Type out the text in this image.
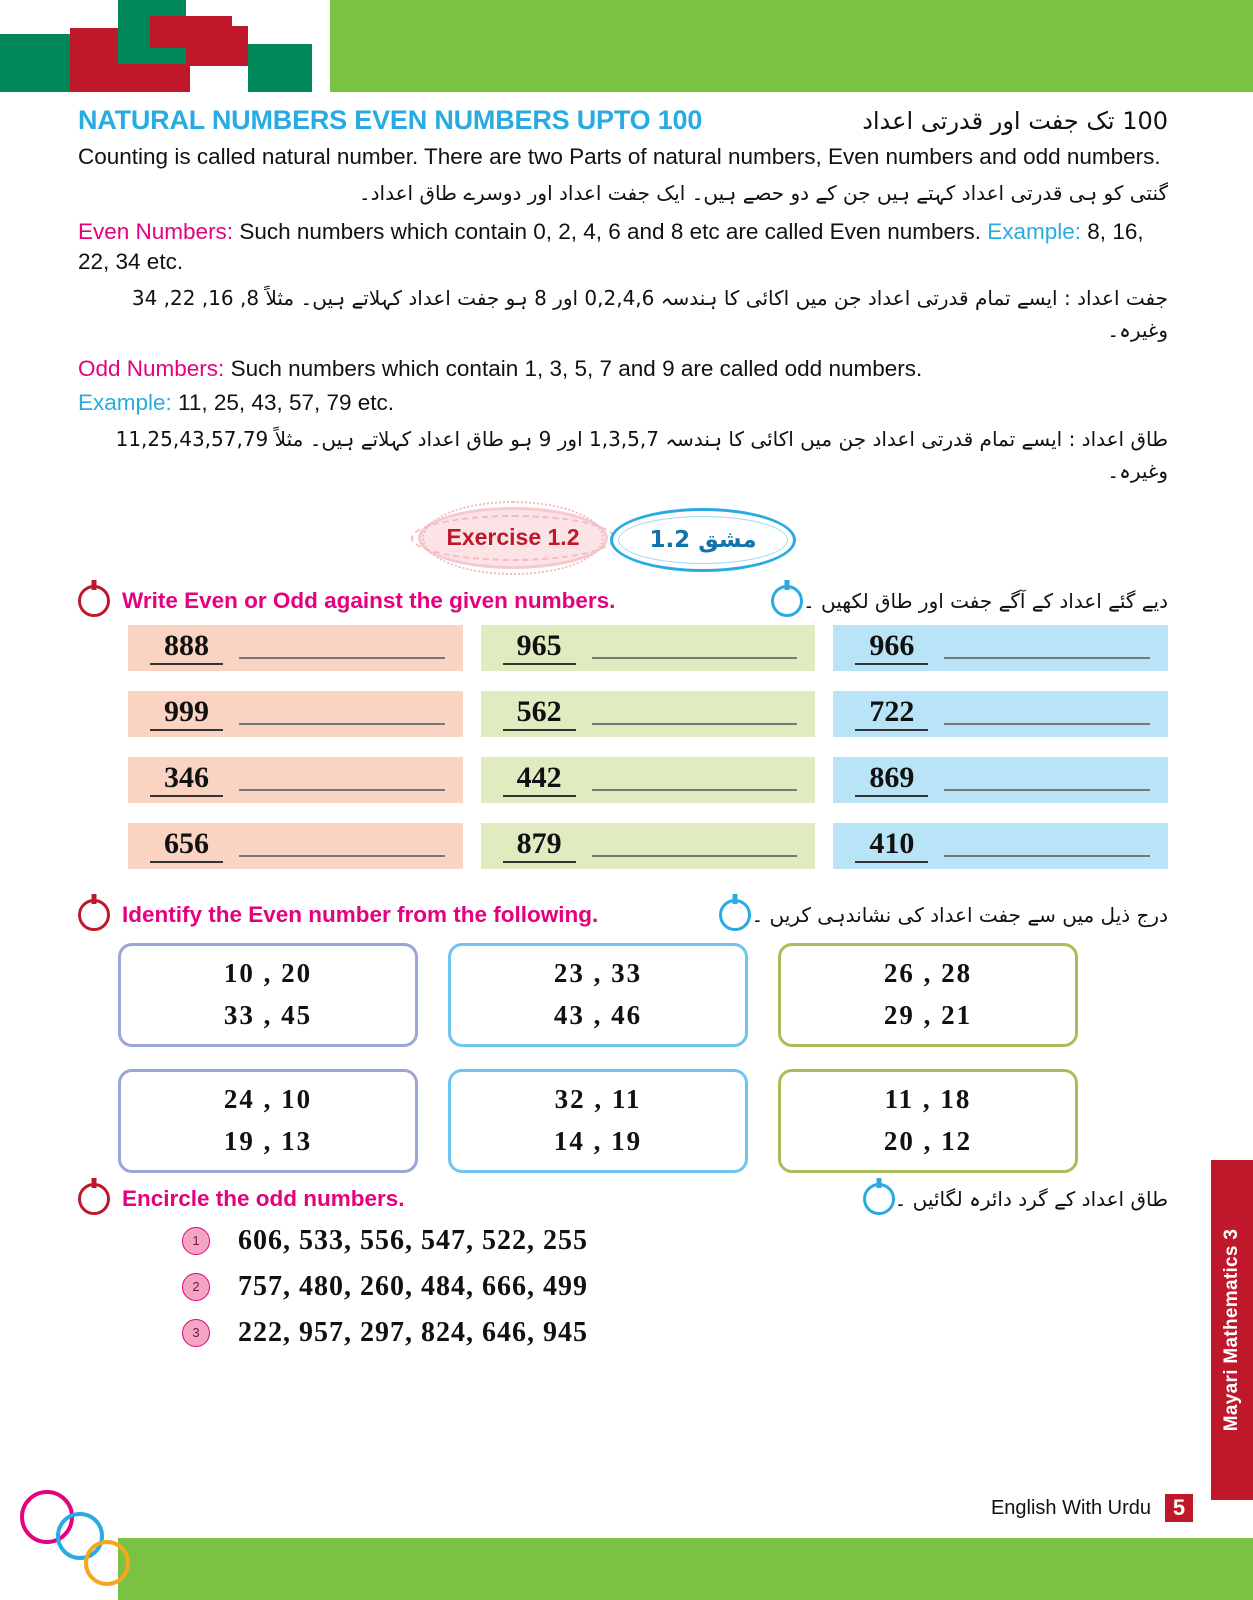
Mayari Mathematics 3
NATURAL NUMBERS EVEN NUMBERS UPTO 100	100 تک جفت اور قدرتی اعداد
Counting is called natural number. There are two Parts of natural numbers, Even numbers and odd numbers.
گنتی کو ہی قدرتی اعداد کہتے ہیں جن کے دو حصے ہیں۔ ایک جفت اعداد اور دوسرے طاق اعداد۔
Even Numbers: Such numbers which contain 0, 2, 4, 6 and 8 etc are called Even numbers. Example: 8, 16, 22, 34 etc.
جفت اعداد : ایسے تمام قدرتی اعداد جن میں اکائی کا ہندسہ 0,2,4,6 اور 8 ہو جفت اعداد کہلاتے ہیں۔ مثلاً 8, 16, 22, 34 وغیرہ۔
Odd Numbers: Such numbers which contain 1, 3, 5, 7 and 9 are called odd numbers.
Example: 11, 25, 43, 57, 79 etc.
طاق اعداد : ایسے تمام قدرتی اعداد جن میں اکائی کا ہندسہ 1,3,5,7 اور 9 ہو طاق اعداد کہلاتے ہیں۔ مثلاً 11,25,43,57,79 وغیرہ۔
Exercise 1.2	مشق 1.2
Write Even or Odd against the given numbers.	دیے گئے اعداد کے آگے جفت اور طاق لکھیں ۔
888
999
346
656
965
562
442
879
966
722
869
410
Identify the Even number from the following.	درج ذیل میں سے جفت اعداد کی نشاندہی کریں ۔
10 , 20
33 , 45
23 , 33
43 , 46
26 , 28
29 , 21
24 , 10
19 , 13
32 , 11
14 , 19
11 , 18
20 , 12
Encircle the odd numbers.	طاق اعداد کے گرد دائرہ لگائیں ۔
1	606, 533, 556, 547, 522, 255
2	757, 480, 260, 484, 666, 499
3	222, 957, 297, 824, 646, 945
English With Urdu 5
